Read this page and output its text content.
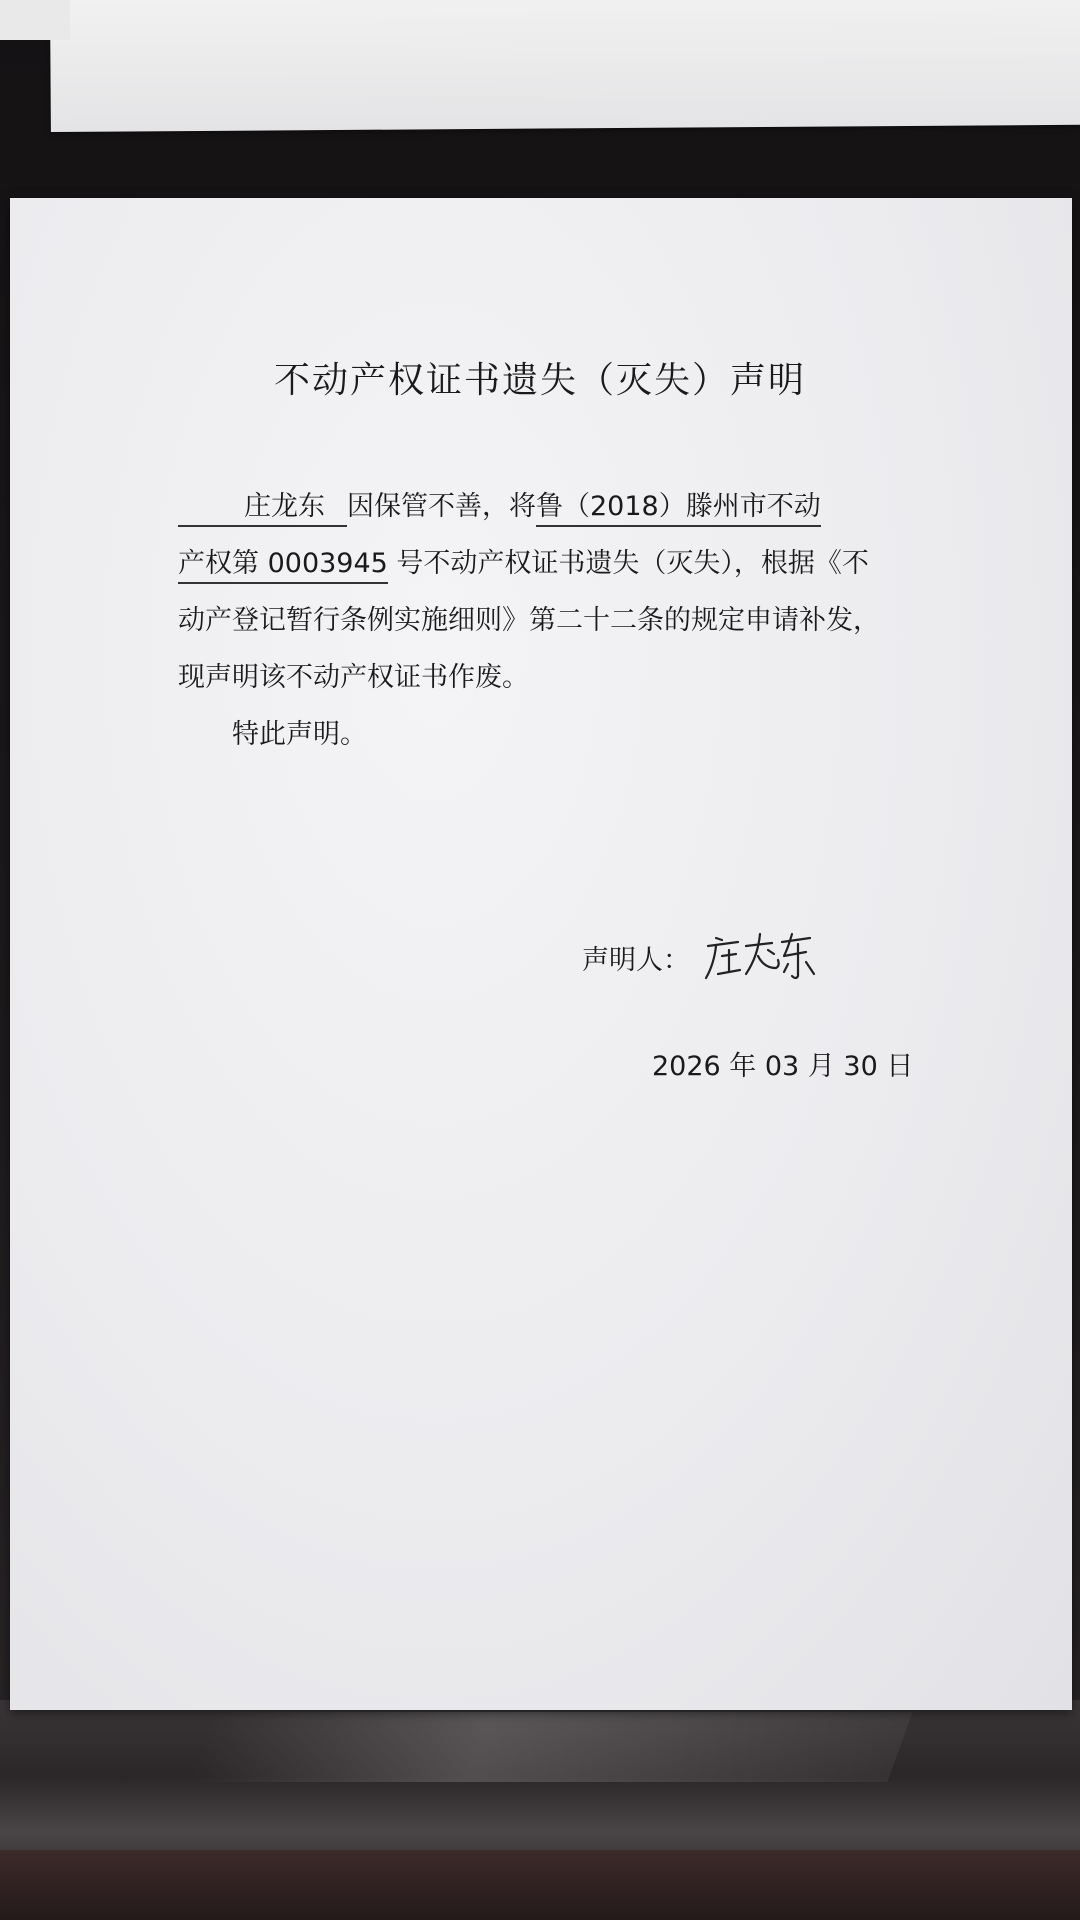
不动产权证书遗失（灭失）声明
庄龙东 因保管不善，将鲁（2018）滕州市不动
产权第 0003945 号不动产权证书遗失（灭失），根据《不
动产登记暂行条例实施细则》第二十二条的规定申请补发，
现声明该不动产权证书作废。
特此声明。
声明人：
2026 年 03 月 30 日
